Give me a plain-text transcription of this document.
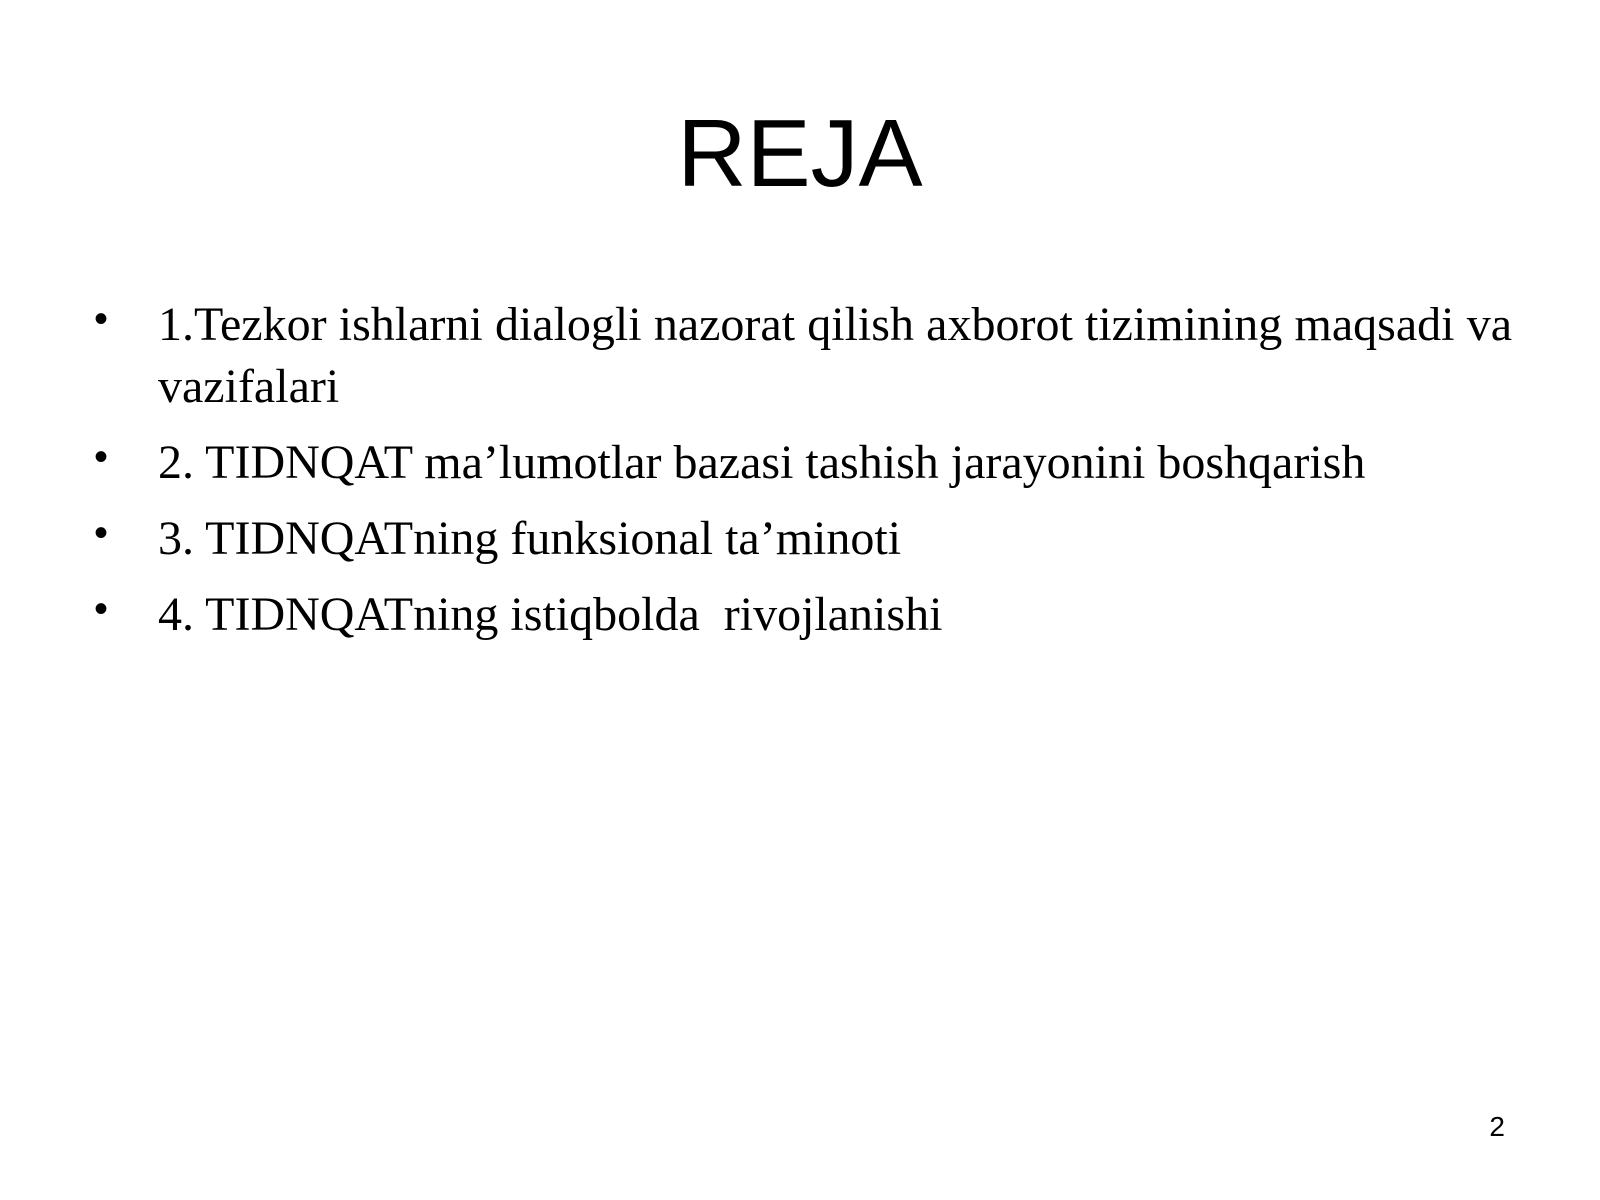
REJA
•	1.Tezkor ishlarni dialogli nazorat qilish axborot tizimining maqsadi va vazifalari
•	2. TIDNQAT ma’lumotlar bazasi tashish jarayonini boshqarish
•	3. TIDNQATning funksional ta’minoti
•	4. TIDNQATning istiqbolda  rivojlanishi
2
